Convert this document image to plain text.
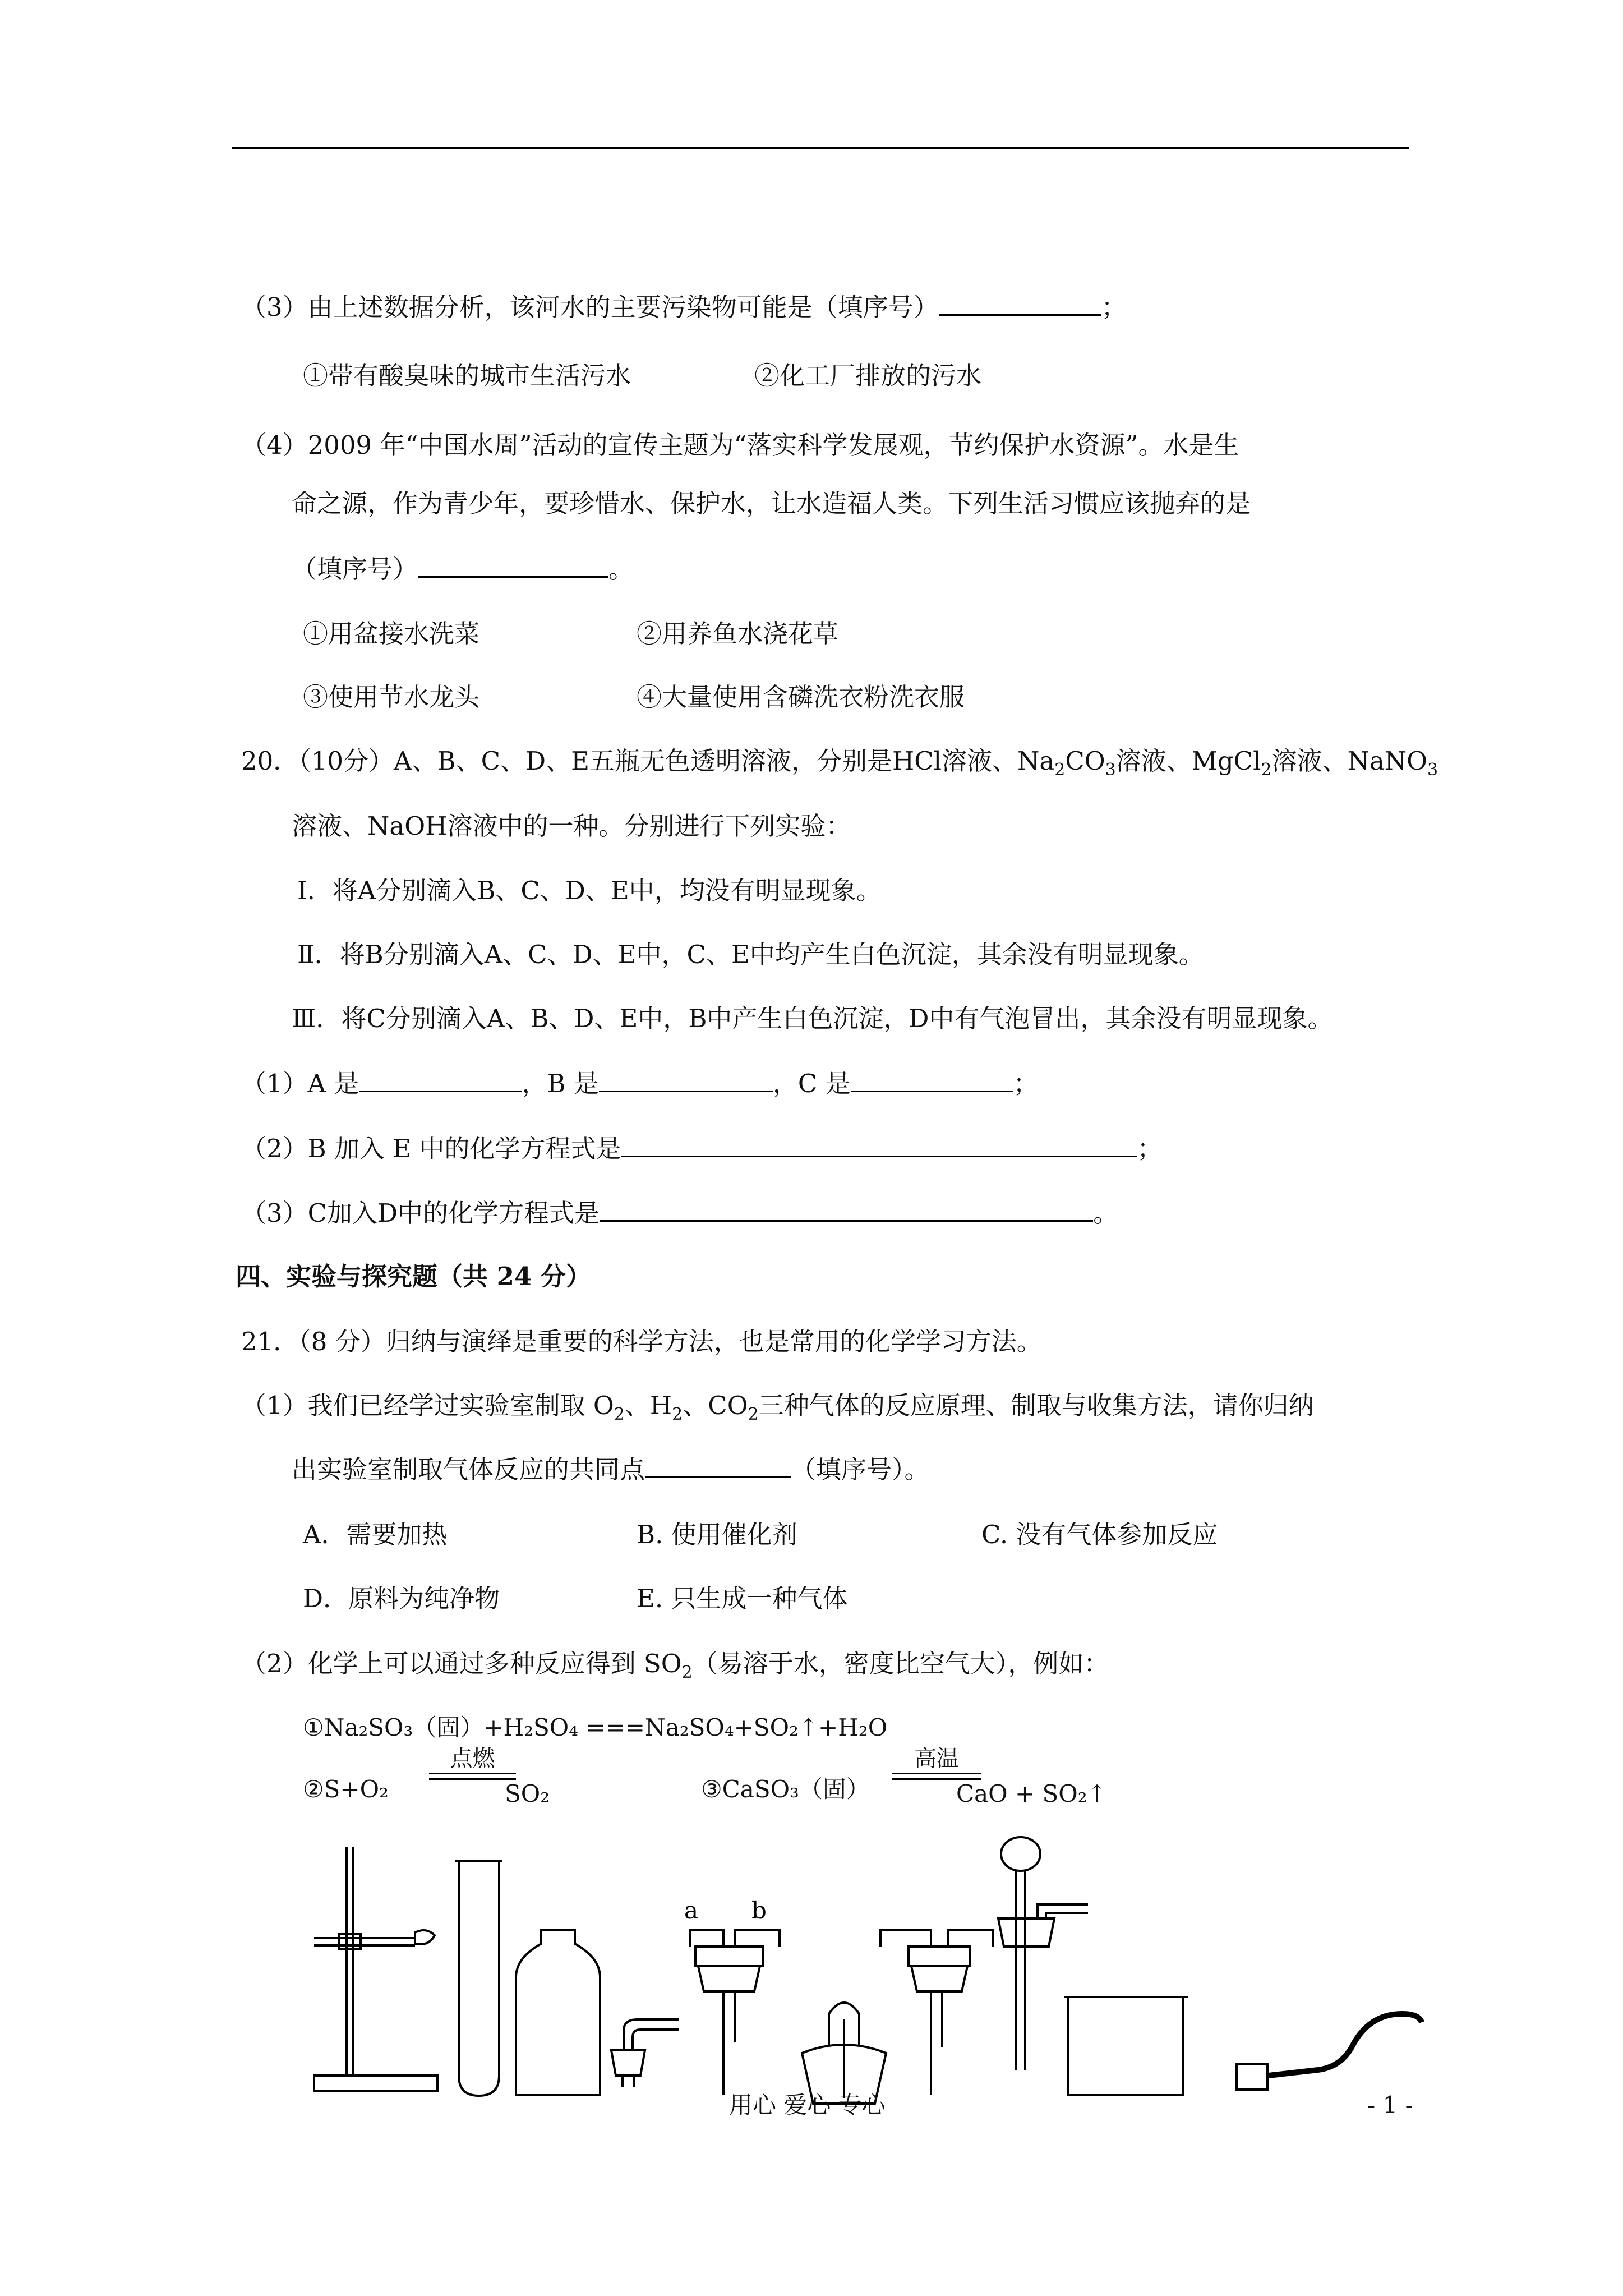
（3）由上述数据分析，该河水的主要污染物可能是（填序号）	；
①带有酸臭味的城市生活污水	②化工厂排放的污水
（4）2009 年“中国水周”活动的宣传主题为“落实科学发展观，节约保护水资源”。水是生
命之源，作为青少年，要珍惜水、保护水，让水造福人类。下列生活习惯应该抛弃的是
（填序号）	。
①用盆接水洗菜	②用养鱼水浇花草
③使用节水龙头	④大量使用含磷洗衣粉洗衣服
20．（10分）A、B、C、D、E五瓶无色透明溶液，分别是HCl溶液、$Na_2CO_3$溶液、MgCl$_2$溶液、NaNO$_3$
溶液、NaOH溶液中的一种。分别进行下列实验：
Ⅰ．将A分别滴入B、C、D、E中，均没有明显现象。
Ⅱ．将B分别滴入A、C、D、E中，C、E中均产生白色沉淀，其余没有明显现象。
Ⅲ．将C分别滴入A、B、D、E中，B中产生白色沉淀，D中有气泡冒出，其余没有明显现象。
（1）A 是	，B 是	，C 是	；
（2）B 加入 E 中的化学方程式是	；
（3）C加入D中的化学方程式是	。
四、实验与探究题（共 24 分）
21．（8 分）归纳与演绎是重要的科学方法，也是常用的化学学习方法。
（1）我们已经学过实验室制取 $O_2$、$H_2$、$CO_2$三种气体的反应原理、制取与收集方法，请你归纳
出实验室制取气体反应的共同点	（填序号）。
A．需要加热	B. 使用催化剂	C. 没有气体参加反应
D．原料为纯净物	E. 只生成一种气体
（2）化学上可以通过多种反应得到 $SO_2$（易溶于水，密度比空气大），例如：
①Na₂SO₃（固）+H₂SO₄ ===Na₂SO₄+SO₂↑+H₂O
②S+O₂
点燃
SO₂	③CaSO₃（固）
高温
CaO + SO₂↑
a b
用心 爱心 专心	- 1 -
